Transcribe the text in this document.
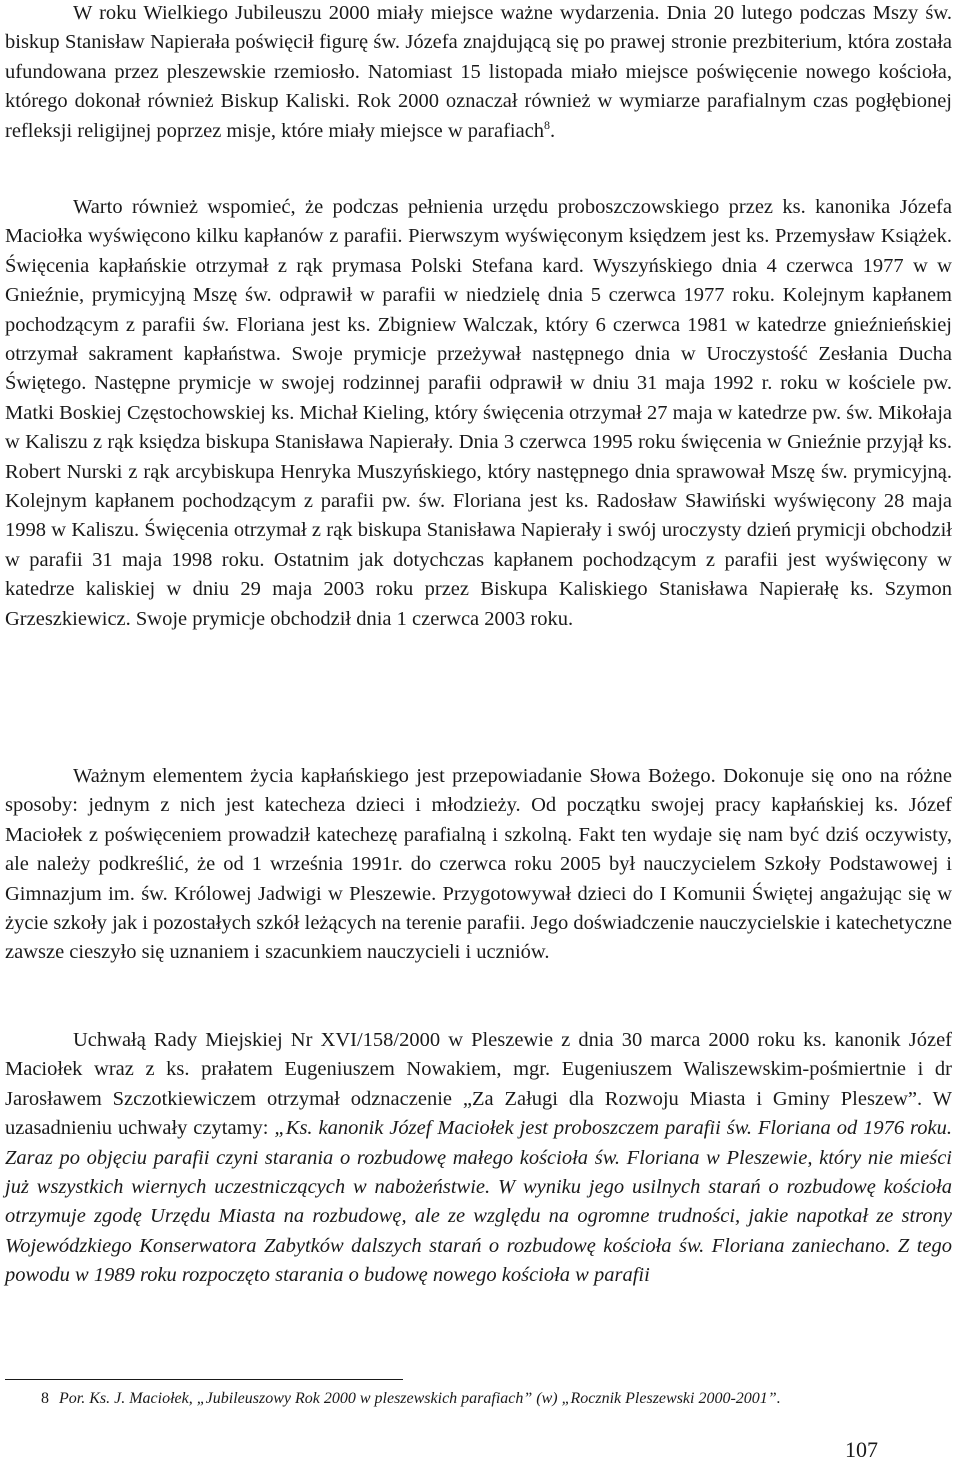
W roku Wielkiego Jubileuszu 2000 miały miejsce ważne wydarzenia. Dnia 20 lutego podczas Mszy św. biskup Stanisław Napierała poświęcił figurę św. Józefa znajdującą się po prawej stronie prezbiterium, która została ufundowana przez pleszewskie rzemiosło. Natomiast 15 listopada miało miejsce poświęcenie nowego kościoła, którego dokonał również Biskup Kaliski. Rok 2000 oznaczał również w wymiarze parafialnym czas pogłębionej refleksji religijnej poprzez misje, które miały miejsce w parafiach$^8$.

Warto również wspomieć, że podczas pełnienia urzędu proboszczowskiego przez ks. kanonika Józefa Maciołka wyświęcono kilku kapłanów z parafii. Pierwszym wyświęconym księdzem jest ks. Przemysław Książek. Święcenia kapłańskie otrzymał z rąk prymasa Polski Stefana kard. Wyszyńskiego dnia 4 czerwca 1977 w w Gnieźnie, prymicyjną Mszę św. odprawił w parafii w niedzielę dnia 5 czerwca 1977 roku. Kolejnym kapłanem pochodzącym z parafii św. Floriana jest ks. Zbigniew Walczak, który 6 czerwca 1981 w katedrze gnieźnieńskiej otrzymał sakrament kapłaństwa. Swoje prymicje przeżywał następnego dnia w Uroczystość Zesłania Ducha Świętego. Następne prymicje w swojej rodzinnej parafii odprawił w dniu 31 maja 1992 r. roku w kościele pw. Matki Boskiej Częstochowskiej ks. Michał Kieling, który święcenia otrzymał 27 maja w katedrze pw. św. Mikołaja w Kaliszu z rąk księdza biskupa Stanisława Napierały. Dnia 3 czerwca 1995 roku święcenia w Gnieźnie przyjął ks. Robert Nurski z rąk arcybiskupa Henryka Muszyńskiego, który następnego dnia sprawował Mszę św. prymicyjną. Kolejnym kapłanem pochodzącym z parafii pw. św. Floriana jest ks. Radosław Sławiński wyświęcony 28 maja 1998 w Kaliszu. Święcenia otrzymał z rąk biskupa Stanisława Napierały i swój uroczysty dzień prymicji obchodził w parafii 31 maja 1998 roku. Ostatnim jak dotychczas kapłanem pochodzącym z parafii jest wyświęcony w katedrze kaliskiej w dniu 29 maja 2003 roku przez Biskupa Kaliskiego Stanisława Napierałę ks. Szymon Grzeszkiewicz. Swoje prymicje obchodził dnia 1 czerwca 2003 roku.

Ważnym elementem życia kapłańskiego jest przepowiadanie Słowa Bożego. Dokonuje się ono na różne sposoby: jednym z nich jest katecheza dzieci i młodzieży. Od początku swojej pracy kapłańskiej ks. Józef Maciołek z poświęceniem prowadził katechezę parafialną i szkolną. Fakt ten wydaje się nam być dziś oczywisty, ale należy podkreślić, że od 1 września 1991r. do czerwca roku 2005 był nauczycielem Szkoły Podstawowej i Gimnazjum im. św. Królowej Jadwigi w Pleszewie. Przygotowywał dzieci do I Komunii Świętej angażując się w życie szkoły jak i pozostałych szkół leżących na terenie parafii. Jego doświadczenie nauczycielskie i katechetyczne zawsze cieszyło się uznaniem i szacunkiem nauczycieli i uczniów.

Uchwałą Rady Miejskiej Nr XVI/158/2000 w Pleszewie z dnia 30 marca 2000 roku ks. kanonik Józef Maciołek wraz z ks. prałatem Eugeniuszem Nowakiem, mgr. Eugeniuszem Waliszewskim-pośmiertnie i dr Jarosławem Szczotkiewiczem otrzymał odznaczenie „Za Załugi dla Rozwoju Miasta i Gminy Pleszew”. W uzasadnieniu uchwały czytamy: „Ks. kanonik Józef Maciołek jest proboszczem parafii św. Floriana od 1976 roku. Zaraz po objęciu parafii czyni starania o rozbudowę małego kościoła św. Floriana w Pleszewie, który nie mieści już wszystkich wiernych uczestniczących w nabożeństwie. W wyniku jego usilnych starań o rozbudowę kościoła otrzymuje zgodę Urzędu Miasta na rozbudowę, ale ze względu na ogromne trudności, jakie napotkał ze strony Wojewódzkiego Konserwatora Zabytków dalszych starań o rozbudowę kościoła św. Floriana zaniechano. Z tego powodu w 1989 roku rozpoczęto starania o budowę nowego kościoła w parafii

8 Por. Ks. J. Maciołek, „Jubileuszowy Rok 2000 w pleszewskich parafiach” (w) „Rocznik Pleszewski 2000-2001”.

107
